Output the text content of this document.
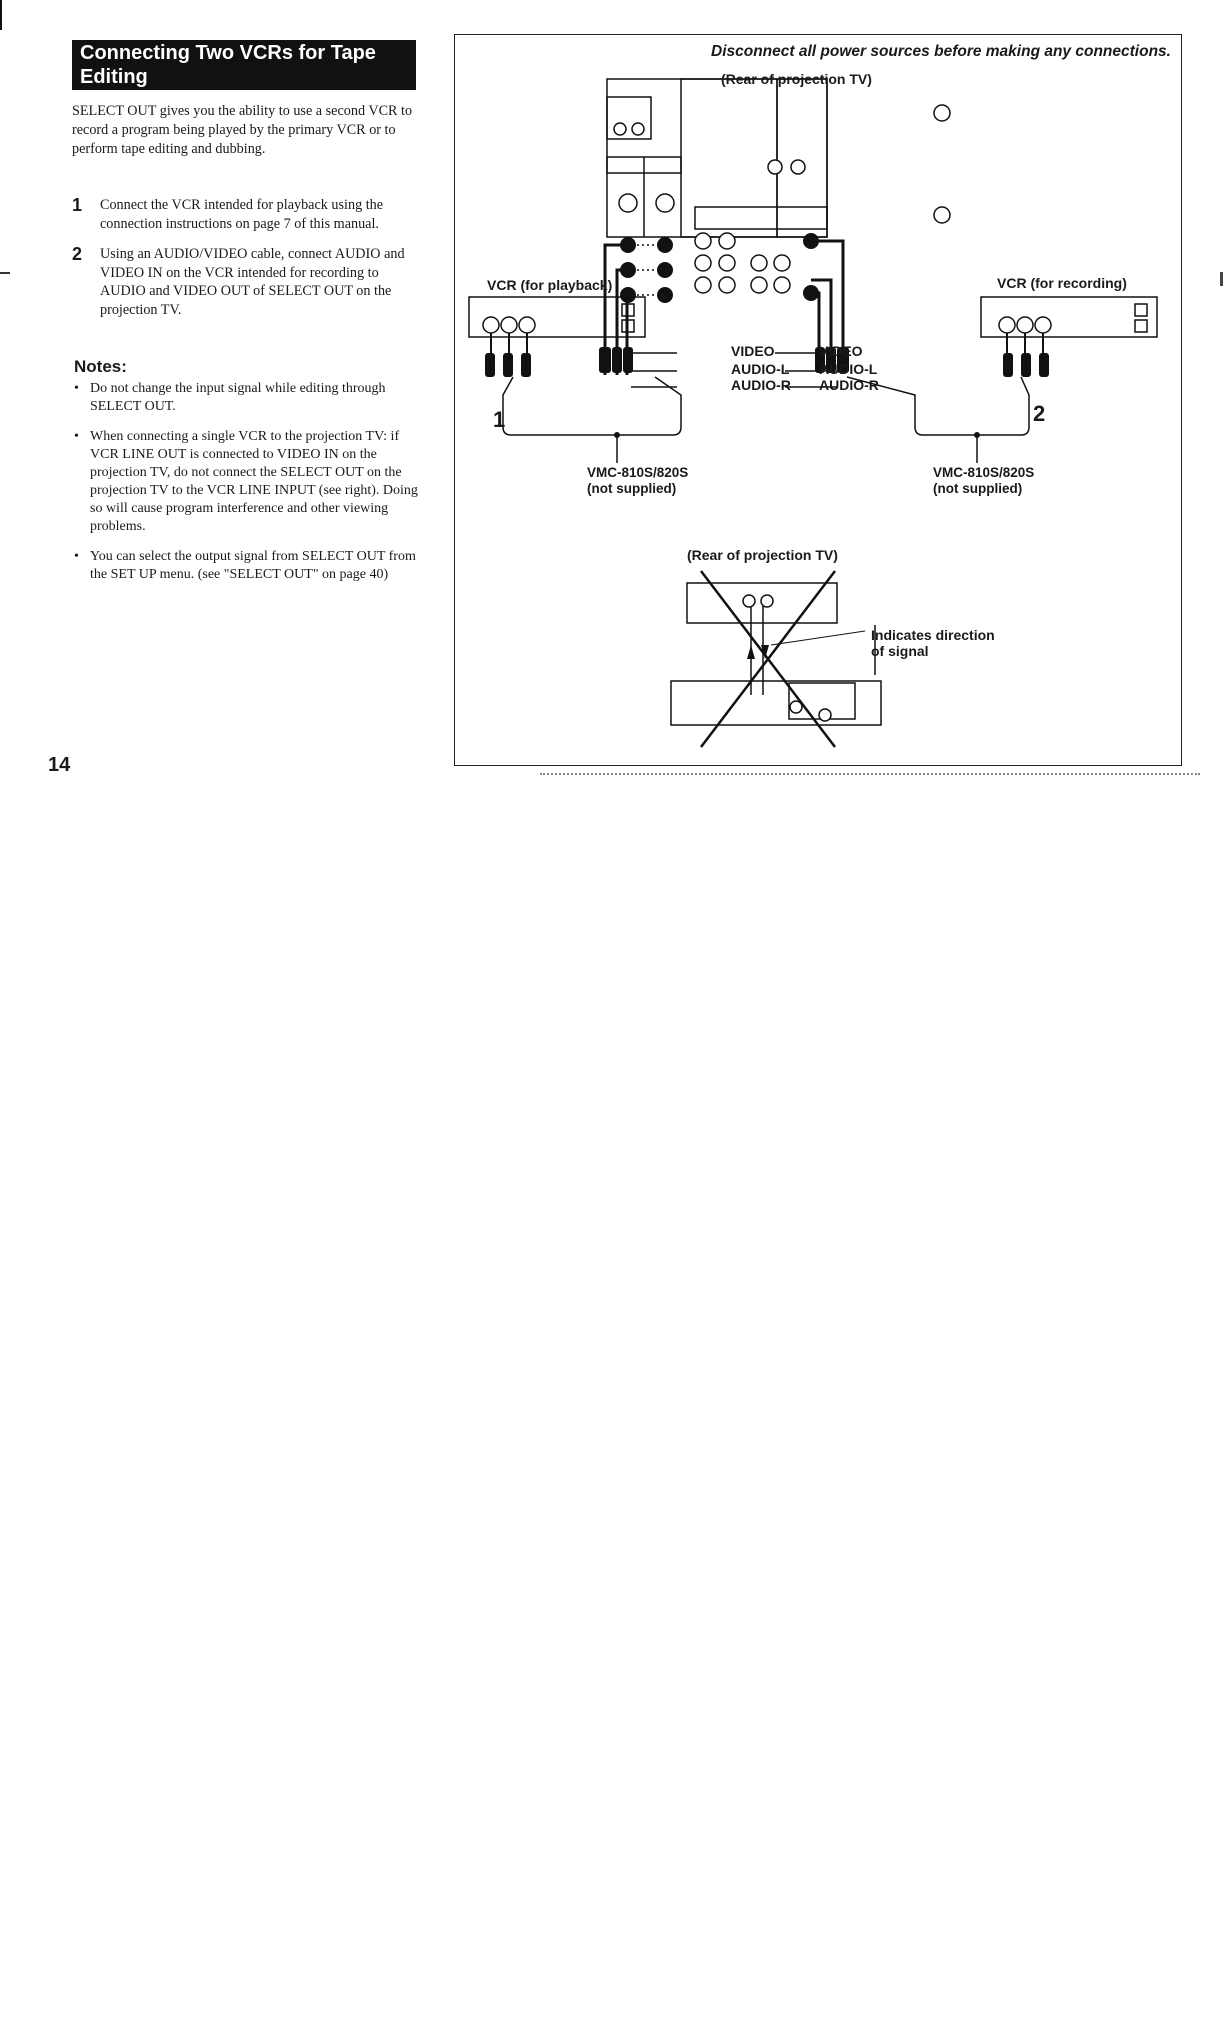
Connecting Two VCRs for Tape Editing
SELECT OUT gives you the ability to use a second VCR to record a program being played by the primary VCR or to perform tape editing and dubbing.
1 Connect the VCR intended for playback using the connection instructions on page 7 of this manual.
2 Using an AUDIO/VIDEO cable, connect AUDIO and VIDEO IN on the VCR intended for recording to AUDIO and VIDEO OUT of SELECT OUT on the projection TV.
Notes:
• Do not change the input signal while editing through SELECT OUT.
• When connecting a single VCR to the projection TV: if VCR LINE OUT is connected to VIDEO IN on the projection TV, do not connect the SELECT OUT on the projection TV to the VCR LINE INPUT (see right). Doing so will cause program interference and other viewing problems.
• You can select the output signal from SELECT OUT from the SET UP menu. (see "SELECT OUT" on page 40)
14
Disconnect all power sources before making any connections.
(Rear of projection TV)
VCR (for playback)	VCR (for recording)
VIDEO
AUDIO-L
AUDIO-R
VIDEO
AUDIO-L
AUDIO-R
1	2
VMC-810S/820S
(not supplied)
VMC-810S/820S
(not supplied)
(Rear of projection TV)
Indicates direction
of signal
